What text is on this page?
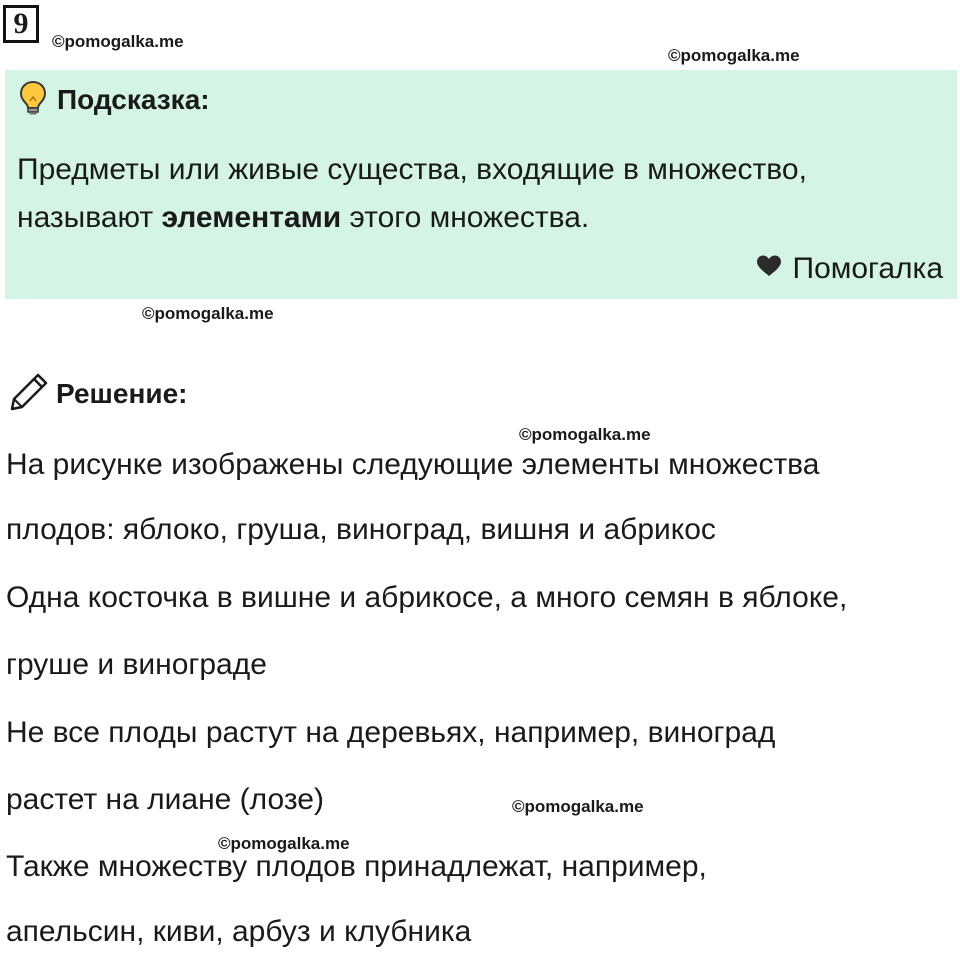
9
©pomogalka.me
©pomogalka.me
Подсказка:
Предметы или живые существа, входящие в множество, называют элементами этого множества.
Помогалка
©pomogalka.me
Решение:
©pomogalka.me
На рисунке изображены следующие элементы множества
плодов: яблоко, груша, виноград, вишня и абрикос
Одна косточка в вишне и абрикосе, а много семян в яблоке,
груше и винограде
Не все плоды растут на деревьях, например, виноград
растет на лиане (лозе)	©pomogalka.me
©pomogalka.me
Также множеству плодов принадлежат, например,
апельсин, киви, арбуз и клубника
